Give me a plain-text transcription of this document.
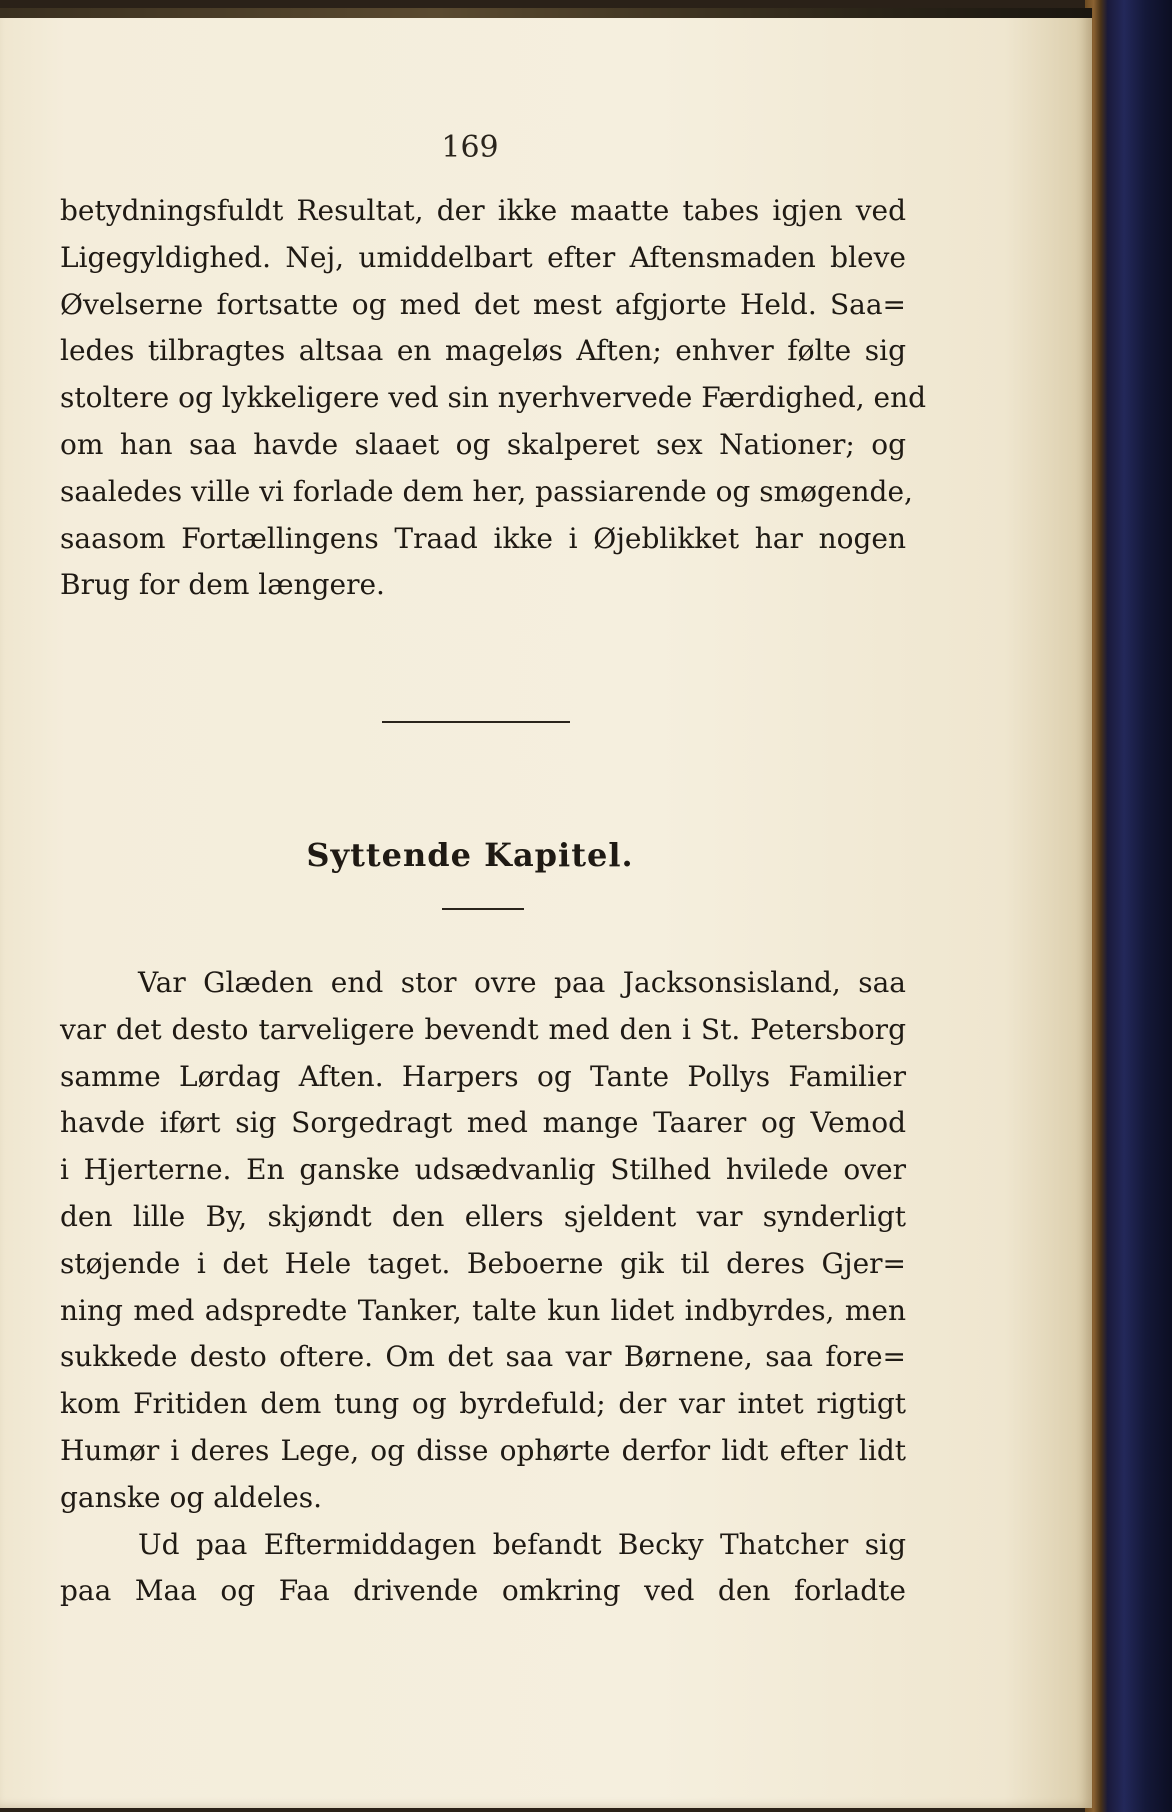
169
betydningsfuldt Resultat, der ikke maatte tabes igjen ved
Ligegyldighed. Nej, umiddelbart efter Aftensmaden bleve
Øvelserne fortsatte og med det mest afgjorte Held. Saa=
ledes tilbragtes altsaa en mageløs Aften; enhver følte sig
stoltere og lykkeligere ved sin nyerhvervede Færdighed, end
om han saa havde slaaet og skalperet sex Nationer; og
saaledes ville vi forlade dem her, passiarende og smøgende,
saasom Fortællingens Traad ikke i Øjeblikket har nogen
Brug for dem længere.
Syttende Kapitel.
Var Glæden end stor ovre paa Jacksonsisland, saa
var det desto tarveligere bevendt med den i St. Petersborg
samme Lørdag Aften. Harpers og Tante Pollys Familier
havde iført sig Sorgedragt med mange Taarer og Vemod
i Hjerterne. En ganske udsædvanlig Stilhed hvilede over
den lille By, skjøndt den ellers sjeldent var synderligt
støjende i det Hele taget. Beboerne gik til deres Gjer=
ning med adspredte Tanker, talte kun lidet indbyrdes, men
sukkede desto oftere. Om det saa var Børnene, saa fore=
kom Fritiden dem tung og byrdefuld; der var intet rigtigt
Humør i deres Lege, og disse ophørte derfor lidt efter lidt
ganske og aldeles.
Ud paa Eftermiddagen befandt Becky Thatcher sig
paa Maa og Faa drivende omkring ved den forladte
